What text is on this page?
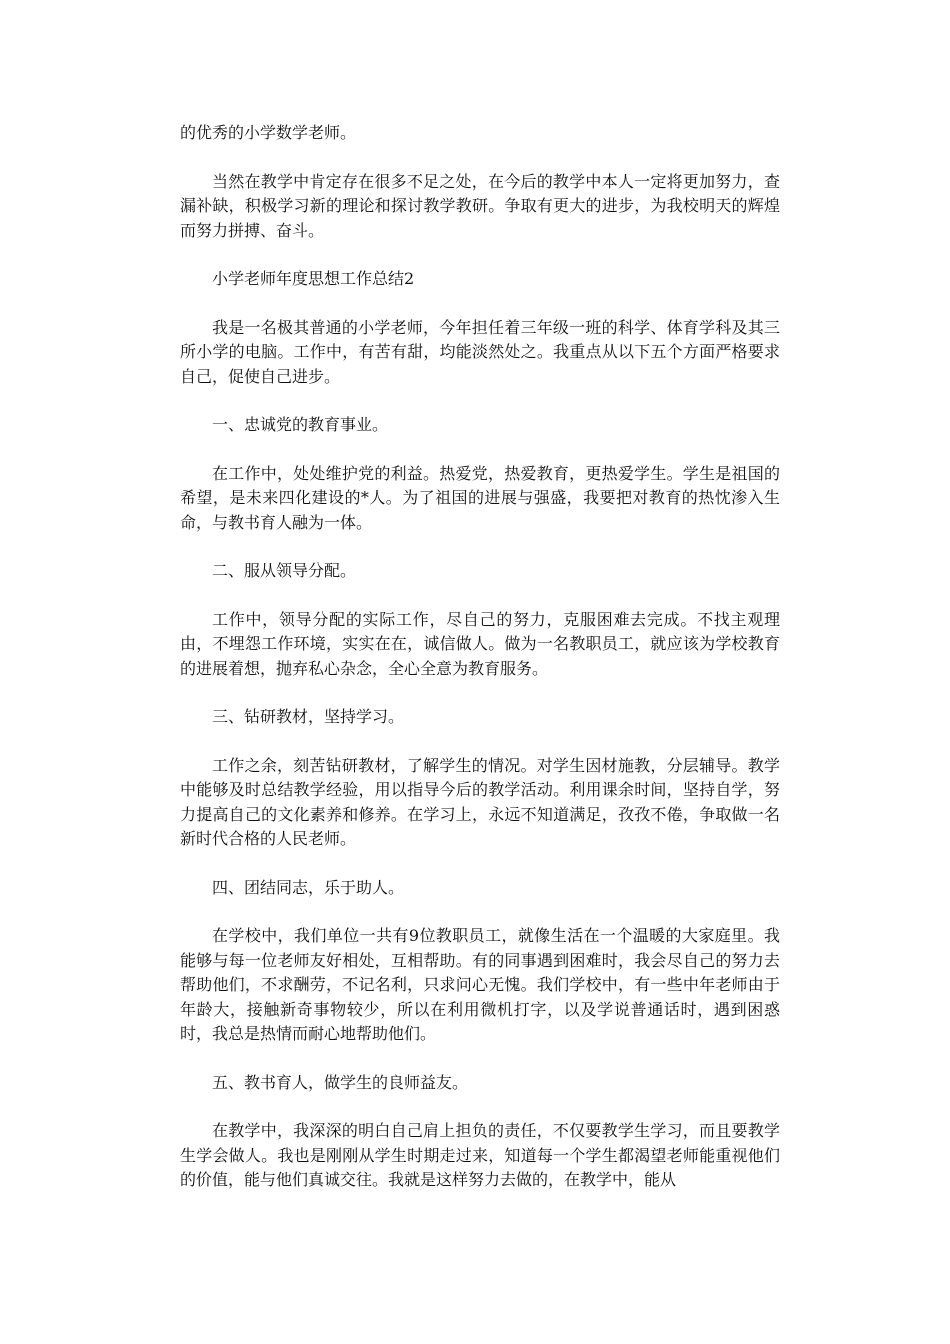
的优秀的小学数学老师。

当然在教学中肯定存在很多不足之处，在今后的教学中本人一定将更加努力，查漏补缺，积极学习新的理论和探讨教学教研。争取有更大的进步，为我校明天的辉煌而努力拼搏、奋斗。

小学老师年度思想工作总结2

我是一名极其普通的小学老师，今年担任着三年级一班的科学、体育学科及其三所小学的电脑。工作中，有苦有甜，均能淡然处之。我重点从以下五个方面严格要求自己，促使自己进步。

一、忠诚党的教育事业。

在工作中，处处维护党的利益。热爱党，热爱教育，更热爱学生。学生是祖国的希望，是未来四化建设的*人。为了祖国的进展与强盛，我要把对教育的热忱渗入生命，与教书育人融为一体。

二、服从领导分配。

工作中，领导分配的实际工作，尽自己的努力，克服困难去完成。不找主观理由，不埋怨工作环境，实实在在，诚信做人。做为一名教职员工，就应该为学校教育的进展着想，抛弃私心杂念，全心全意为教育服务。

三、钻研教材，坚持学习。

工作之余，刻苦钻研教材，了解学生的情况。对学生因材施教，分层辅导。教学中能够及时总结教学经验，用以指导今后的教学活动。利用课余时间，坚持自学，努力提高自己的文化素养和修养。在学习上，永远不知道满足，孜孜不倦，争取做一名新时代合格的人民老师。

四、团结同志，乐于助人。

在学校中，我们单位一共有9位教职员工，就像生活在一个温暖的大家庭里。我能够与每一位老师友好相处，互相帮助。有的同事遇到困难时，我会尽自己的努力去帮助他们，不求酬劳，不记名利，只求问心无愧。我们学校中，有一些中年老师由于年龄大，接触新奇事物较少，所以在利用微机打字，以及学说普通话时，遇到困惑时，我总是热情而耐心地帮助他们。

五、教书育人，做学生的良师益友。

在教学中，我深深的明白自己肩上担负的责任，不仅要教学生学习，而且要教学生学会做人。我也是刚刚从学生时期走过来，知道每一个学生都渴望老师能重视他们的价值，能与他们真诚交往。我就是这样努力去做的，在教学中，能从
